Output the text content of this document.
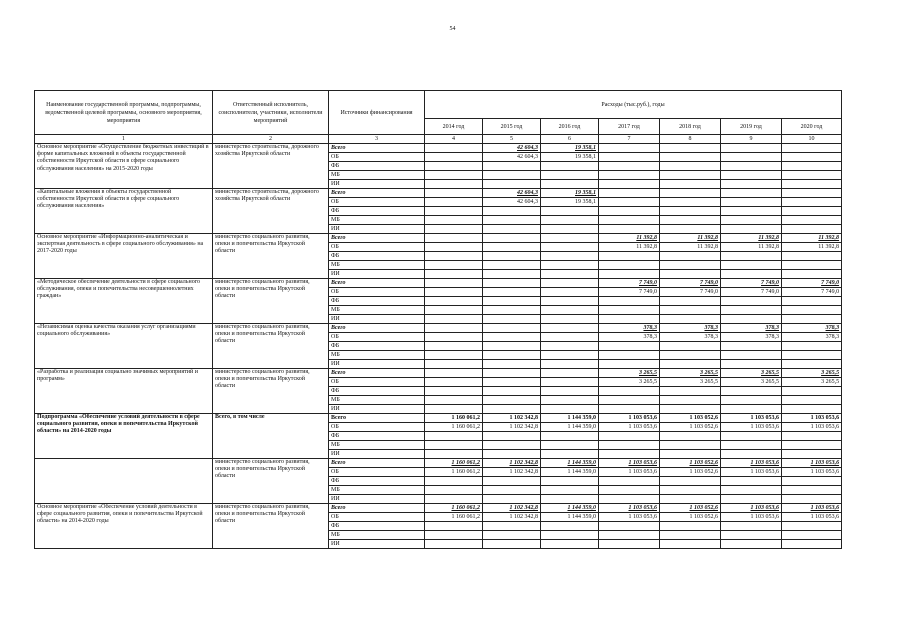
54
Наименование государственной программы, подпрограммы, ведомственной целевой программы, основного мероприятия, мероприятия	Ответственный исполнитель, соисполнители, участники, исполнители мероприятий	Источники финансирования	Расходы (тыс.руб.), годы						
			2014 год	2015 год	2016 год	2017 год	2018 год	2019 год	2020 год
1	2	3	4	5	6	7	8	9	10
Основное мероприятие «Осуществление бюджетных инвестиций в форме капитальных вложений в объекты государственной собственности Иркутской области в сфере социального обслуживания населения» на 2015-2020 годы	министерство строительства, дорожного хозяйства Иркутской области	Всего		42 604,3	19 358,1				
		ОБ		42 604,3	19 358,1				
		ФБ							
		МБ							
		ИИ							
«Капитальные вложения в объекты государственной собственности Иркутской области в сфере социального обслуживания населения»	министерство строительства, дорожного хозяйства Иркутской области	Всего		42 604,3	19 358,1				
		ОБ		42 604,3	19 358,1				
		ФБ							
		МБ							
		ИИ							
Основное мероприятие «Информационно-аналитическая и экспертная деятельность в сфере социального обслуживания» на 2017-2020 годы	министерство социального развития, опеки и попечительства Иркутской области	Всего				11 392,8	11 392,8	11 392,8	11 392,8
		ОБ				11 392,8	11 392,8	11 392,8	11 392,8
		ФБ							
		МБ							
		ИИ							
«Методическое обеспечение деятельности в сфере социального обслуживания, опеки и попечительства несовершеннолетних граждан»	министерство социального развития, опеки и попечительства Иркутской области	Всего				7 749,0	7 749,0	7 749,0	7 749,0
		ОБ				7 749,0	7 749,0	7 749,0	7 749,0
		ФБ							
		МБ							
		ИИ							
«Независимая оценка качества оказания услуг организациями социального обслуживания»	министерство социального развития, опеки и попечительства Иркутской области	Всего				378,3	378,3	378,3	378,3
		ОБ				378,3	378,3	378,3	378,3
		ФБ							
		МБ							
		ИИ							
«Разработка и реализация социально значимых мероприятий и программ»	министерство социального развития, опеки и попечительства Иркутской области	Всего				3 265,5	3 265,5	3 265,5	3 265,5
		ОБ				3 265,5	3 265,5	3 265,5	3 265,5
		ФБ							
		МБ							
		ИИ							
Подпрограмма «Обеспечение условий деятельности в сфере социального развития, опеки и попечительства Иркутской области» на 2014-2020 годы	Всего, в том числе	Всего	1 160 061,2	1 102 342,8	1 144 359,0	1 103 053,6	1 103 052,6	1 103 053,6	1 103 053,6
		ОБ	1 160 061,2	1 102 342,8	1 144 359,0	1 103 053,6	1 103 052,6	1 103 053,6	1 103 053,6
		ФБ							
		МБ							
		ИИ							
	министерство социального развития, опеки и попечительства Иркутской области	Всего	1 160 061,2	1 102 342,8	1 144 359,0	1 103 053,6	1 103 052,6	1 103 053,6	1 103 053,6
		ОБ	1 160 061,2	1 102 342,8	1 144 359,0	1 103 053,6	1 103 052,6	1 103 053,6	1 103 053,6
		ФБ							
		МБ							
		ИИ							
Основное мероприятие «Обеспечение условий деятельности в сфере социального развития, опеки и попечительства Иркутской области» на 2014-2020 годы	министерство социального развития, опеки и попечительства Иркутской области	Всего	1 160 061,2	1 102 342,8	1 144 359,0	1 103 053,6	1 103 052,6	1 103 053,6	1 103 053,6
		ОБ	1 160 061,2	1 102 342,8	1 144 359,0	1 103 053,6	1 103 052,6	1 103 053,6	1 103 053,6
		ФБ							
		МБ							
		ИИ							
